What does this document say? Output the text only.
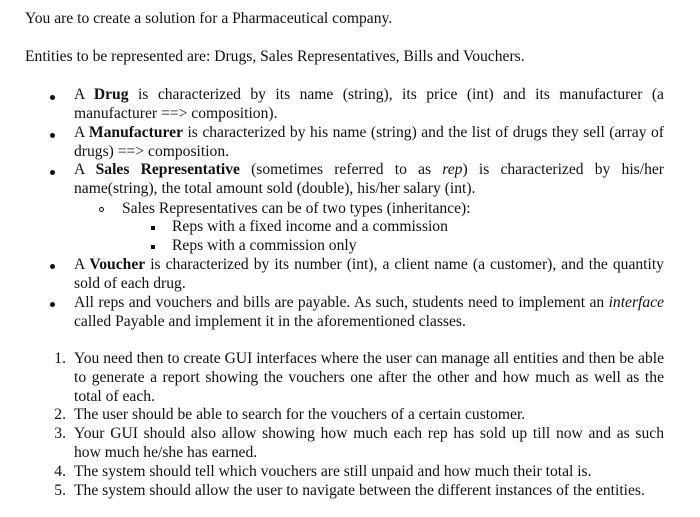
You are to create a solution for a Pharmaceutical company.
Entities to be represented are: Drugs, Sales Representatives, Bills and Vouchers.
A Drug is characterized by its name (string), its price (int) and its manufacturer (a manufacturer ==> composition).
A Manufacturer is characterized by his name (string) and the list of drugs they sell (array of drugs) ==> composition.
A Sales Representative (sometimes referred to as rep) is characterized by his/her name(string), the total amount sold (double), his/her salary (int).
Sales Representatives can be of two types (inheritance):
Reps with a fixed income and a commission
Reps with a commission only
A Voucher is characterized by its number (int), a client name (a customer), and the quantity sold of each drug.
All reps and vouchers and bills are payable. As such, students need to implement an interface called Payable and implement it in the aforementioned classes.
1. You need then to create GUI interfaces where the user can manage all entities and then be able to generate a report showing the vouchers one after the other and how much as well as the total of each.
2. The user should be able to search for the vouchers of a certain customer.
3. Your GUI should also allow showing how much each rep has sold up till now and as such how much he/she has earned.
4. The system should tell which vouchers are still unpaid and how much their total is.
5. The system should allow the user to navigate between the different instances of the entities.
